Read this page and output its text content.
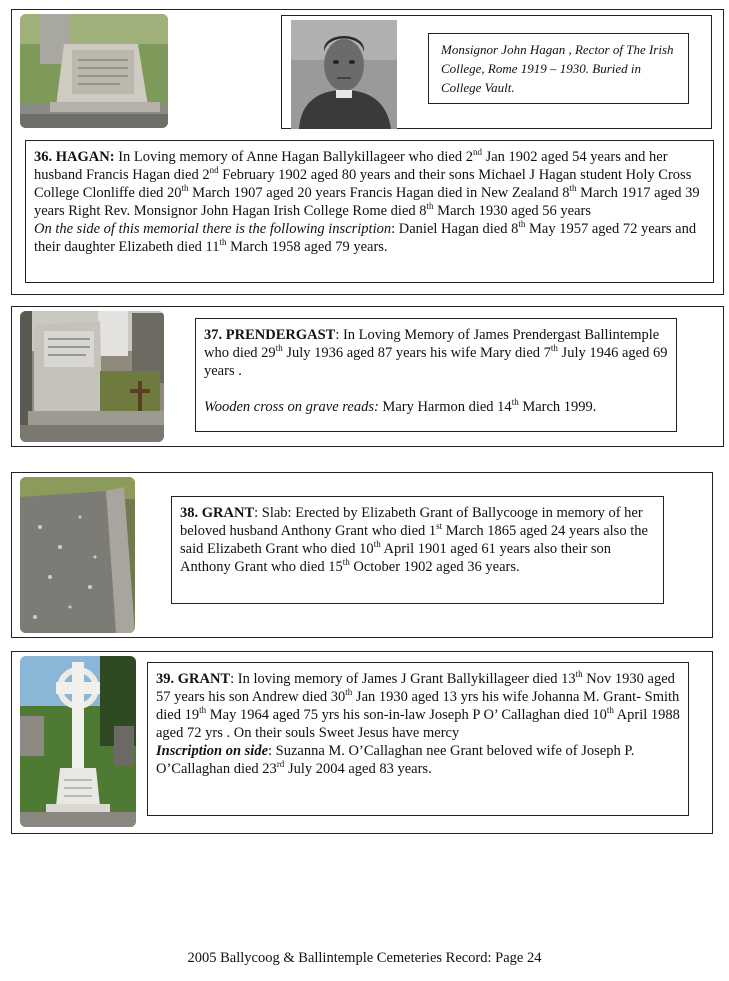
Monsignor John Hagan , Rector of The Irish College, Rome 1919 – 1930. Buried in College Vault.
36. HAGAN: In Loving memory of Anne Hagan Ballykillageer who died 2nd Jan 1902 aged 54 years and her husband Francis Hagan died 2nd February 1902 aged 80 years and their sons Michael J Hagan student Holy Cross College Clonliffe died 20th March 1907 aged 20 years Francis Hagan died in New Zealand 8th March 1917 aged 39 years Right Rev. Monsignor John Hagan Irish College Rome died 8th March 1930 aged 56 years
On the side of this memorial there is the following inscription: Daniel Hagan died 8th May 1957 aged 72 years and their daughter Elizabeth died 11th March 1958 aged 79 years.
37. PRENDERGAST: In Loving Memory of James Prendergast Ballintemple who died 29th July 1936 aged 87 years his wife Mary died 7th July 1946 aged 69 years .
Wooden cross on grave reads: Mary Harmon died 14th March 1999.
38. GRANT: Slab: Erected by Elizabeth Grant of Ballycooge in memory of her beloved husband Anthony Grant who died 1st March 1865 aged 24 years also the said Elizabeth Grant who died 10th April 1901 aged 61 years also their son Anthony Grant who died 15th October 1902 aged 36 years.
39. GRANT: In loving memory of James J Grant Ballykillageer died 13th Nov 1930 aged 57 years his son Andrew died 30th Jan 1930 aged 13 yrs his wife Johanna M. Grant- Smith died 19th May 1964 aged 75 yrs his son-in-law Joseph P O’ Callaghan died 10th April 1988 aged 72 yrs . On their souls Sweet Jesus have mercy
Inscription on side: Suzanna M. O’Callaghan nee Grant beloved wife of Joseph P. O’Callaghan died 23rd July 2004 aged 83 years.
2005 Ballycoog & Ballintemple Cemeteries Record: Page 24
